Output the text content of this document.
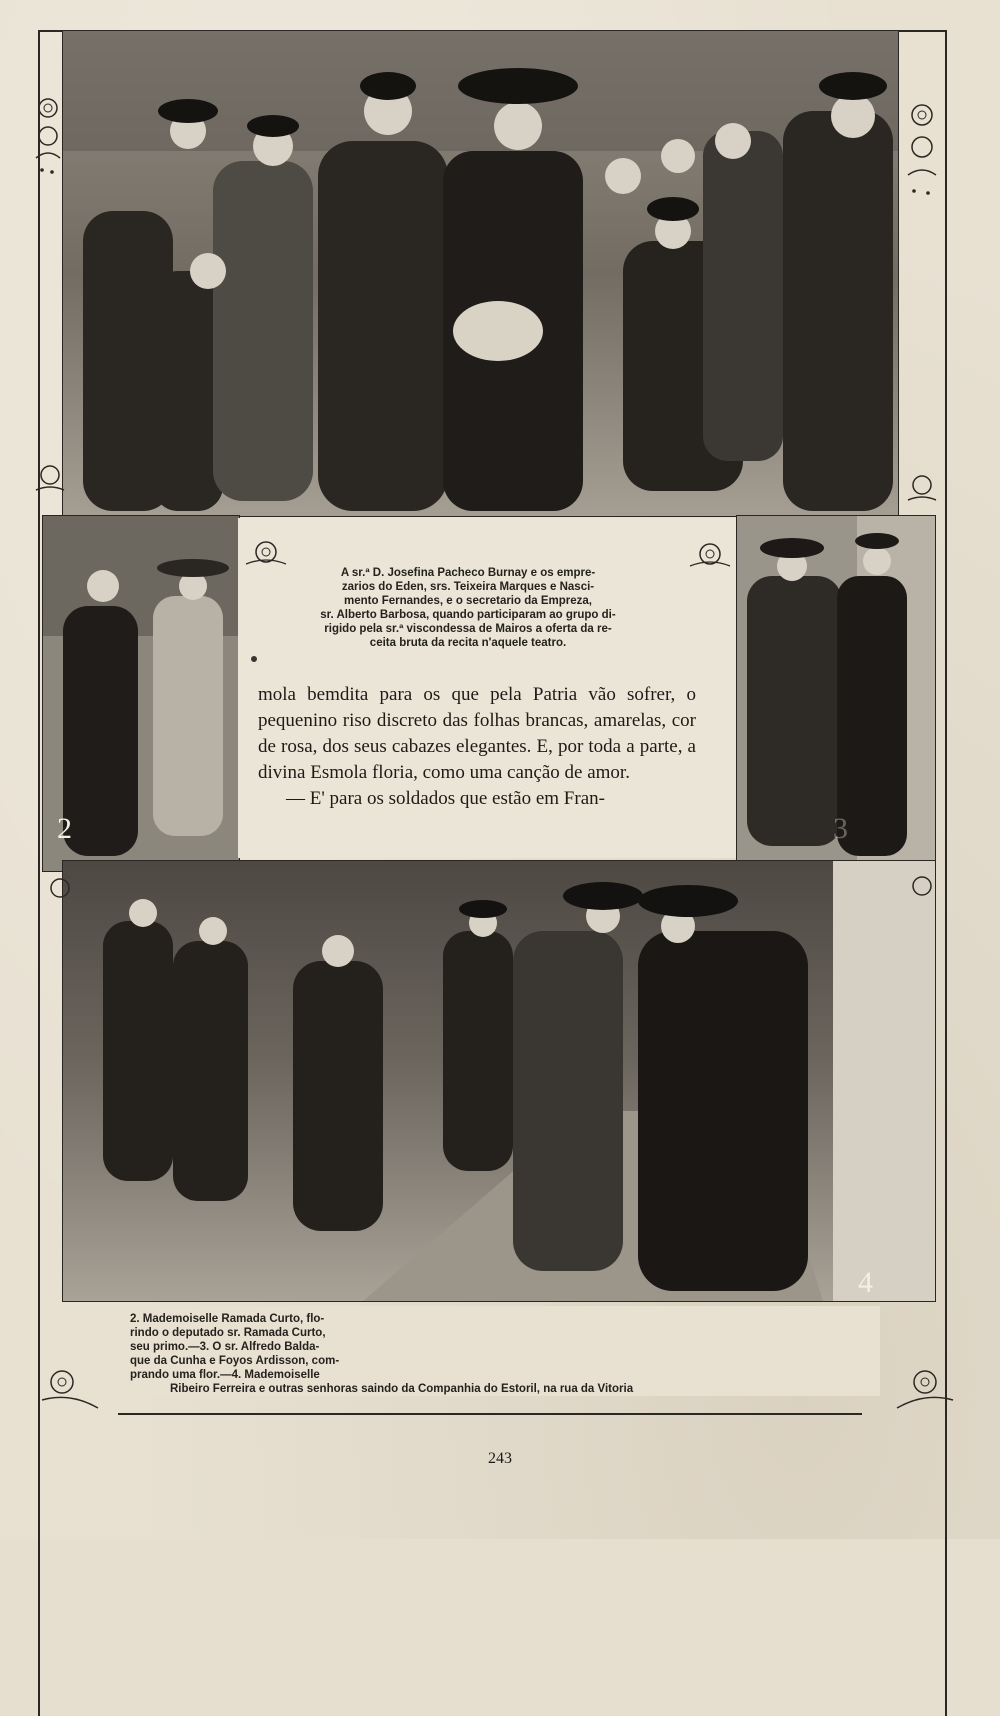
2	3
4
2. Mademoiselle Ramada Curto, flo-
rindo o deputado sr. Ramada Curto,
seu primo.—3. O sr. Alfredo Balda-
que da Cunha e Foyos Ardisson, com-
prando uma flor.—4. Mademoiselle
Ribeiro Ferreira e outras senhoras saindo da Companhia do Estoril, na rua da Vitoria
A sr.ª D. Josefina Pacheco Burnay e os empre-
zarios do Eden, srs. Teixeira Marques e Nasci-
mento Fernandes, e o secretario da Empreza,
sr. Alberto Barbosa, quando participaram ao grupo di-
rigido pela sr.ª viscondessa de Mairos a oferta da re-
ceita bruta da recita n'aquele teatro.

mola bemdita para os que pela Patria vão sofrer, o pequenino riso discreto das folhas brancas, amarelas, cor de rosa, dos seus cabazes elegantes. E, por toda a parte, a divina Esmola floria, como uma canção de amor.

— E' para os soldados que estão em Fran-

243
